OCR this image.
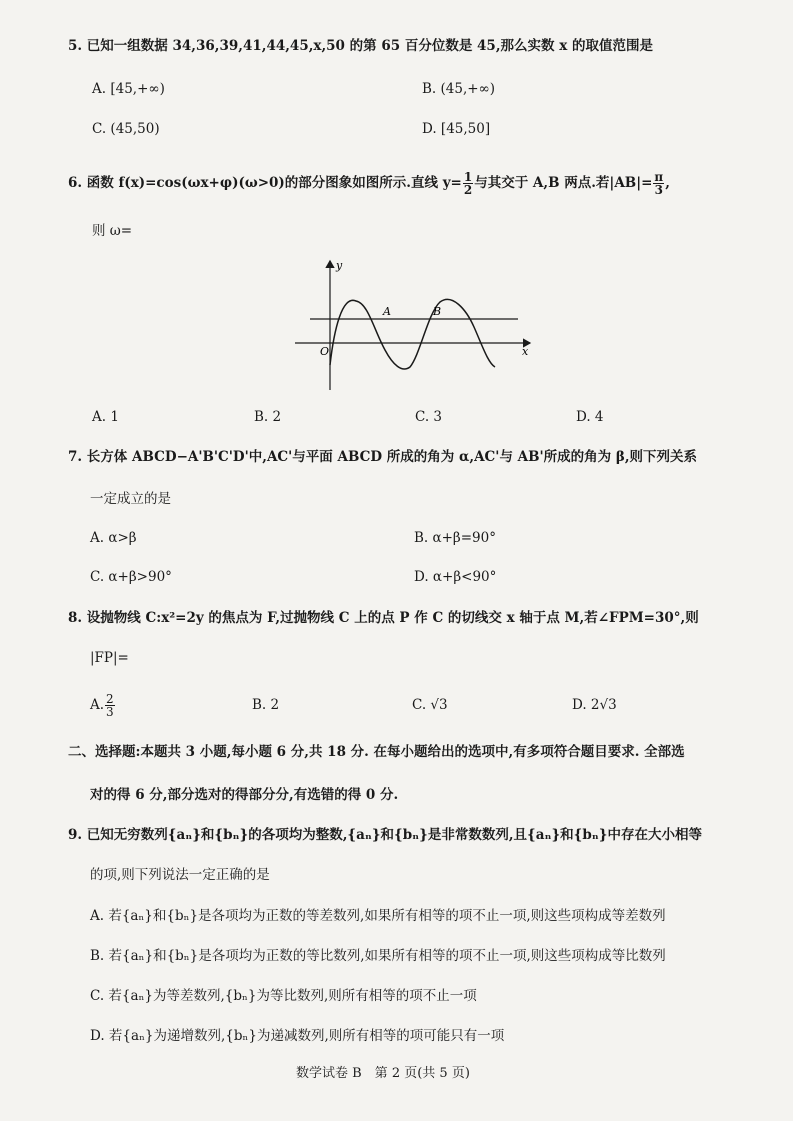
5. 已知一组数据 34,36,39,41,44,45,x,50 的第 65 百分位数是 45,那么实数 x 的取值范围是
A. [45,+∞)	B. (45,+∞)
C. (45,50)	D. [45,50]
6. 函数 f(x)=cos(ωx+φ)(ω>0)的部分图象如图所示.直线 $y= \frac{1}{2}$ 与其交于 A,B 两点.若$|AB|= \frac{\pi}{3}$ ,
则 ω=
y
x
O
A	B
A. 1	B. 2	C. 3	D. 4
7. 长方体 ABCD−A'B'C'D'中,AC'与平面 ABCD 所成的角为 α,AC'与 AB'所成的角为 β,则下列关系
一定成立的是
A. α>β	B. α+β=90°
C. α+β>90°	D. α+β<90°
8. 设抛物线 C:x²=2y 的焦点为 F,过抛物线 C 上的点 P 作 C 的切线交 x 轴于点 M,若∠FPM=30°,则
|FP|=
A. $\frac{2}{3}$	B. 2	C. √3	D. 2√3
二、选择题:本题共 3 小题,每小题 6 分,共 18 分. 在每小题给出的选项中,有多项符合题目要求. 全部选
对的得 6 分,部分选对的得部分分,有选错的得 0 分.
9. 已知无穷数列{aₙ}和{bₙ}的各项均为整数,{aₙ}和{bₙ}是非常数数列,且{aₙ}和{bₙ}中存在大小相等
的项,则下列说法一定正确的是
A. 若{aₙ}和{bₙ}是各项均为正数的等差数列,如果所有相等的项不止一项,则这些项构成等差数列
B. 若{aₙ}和{bₙ}是各项均为正数的等比数列,如果所有相等的项不止一项,则这些项构成等比数列
C. 若{aₙ}为等差数列,{bₙ}为等比数列,则所有相等的项不止一项
D. 若{aₙ}为递增数列,{bₙ}为递减数列,则所有相等的项可能只有一项
数学试卷 B　第 2 页(共 5 页)
